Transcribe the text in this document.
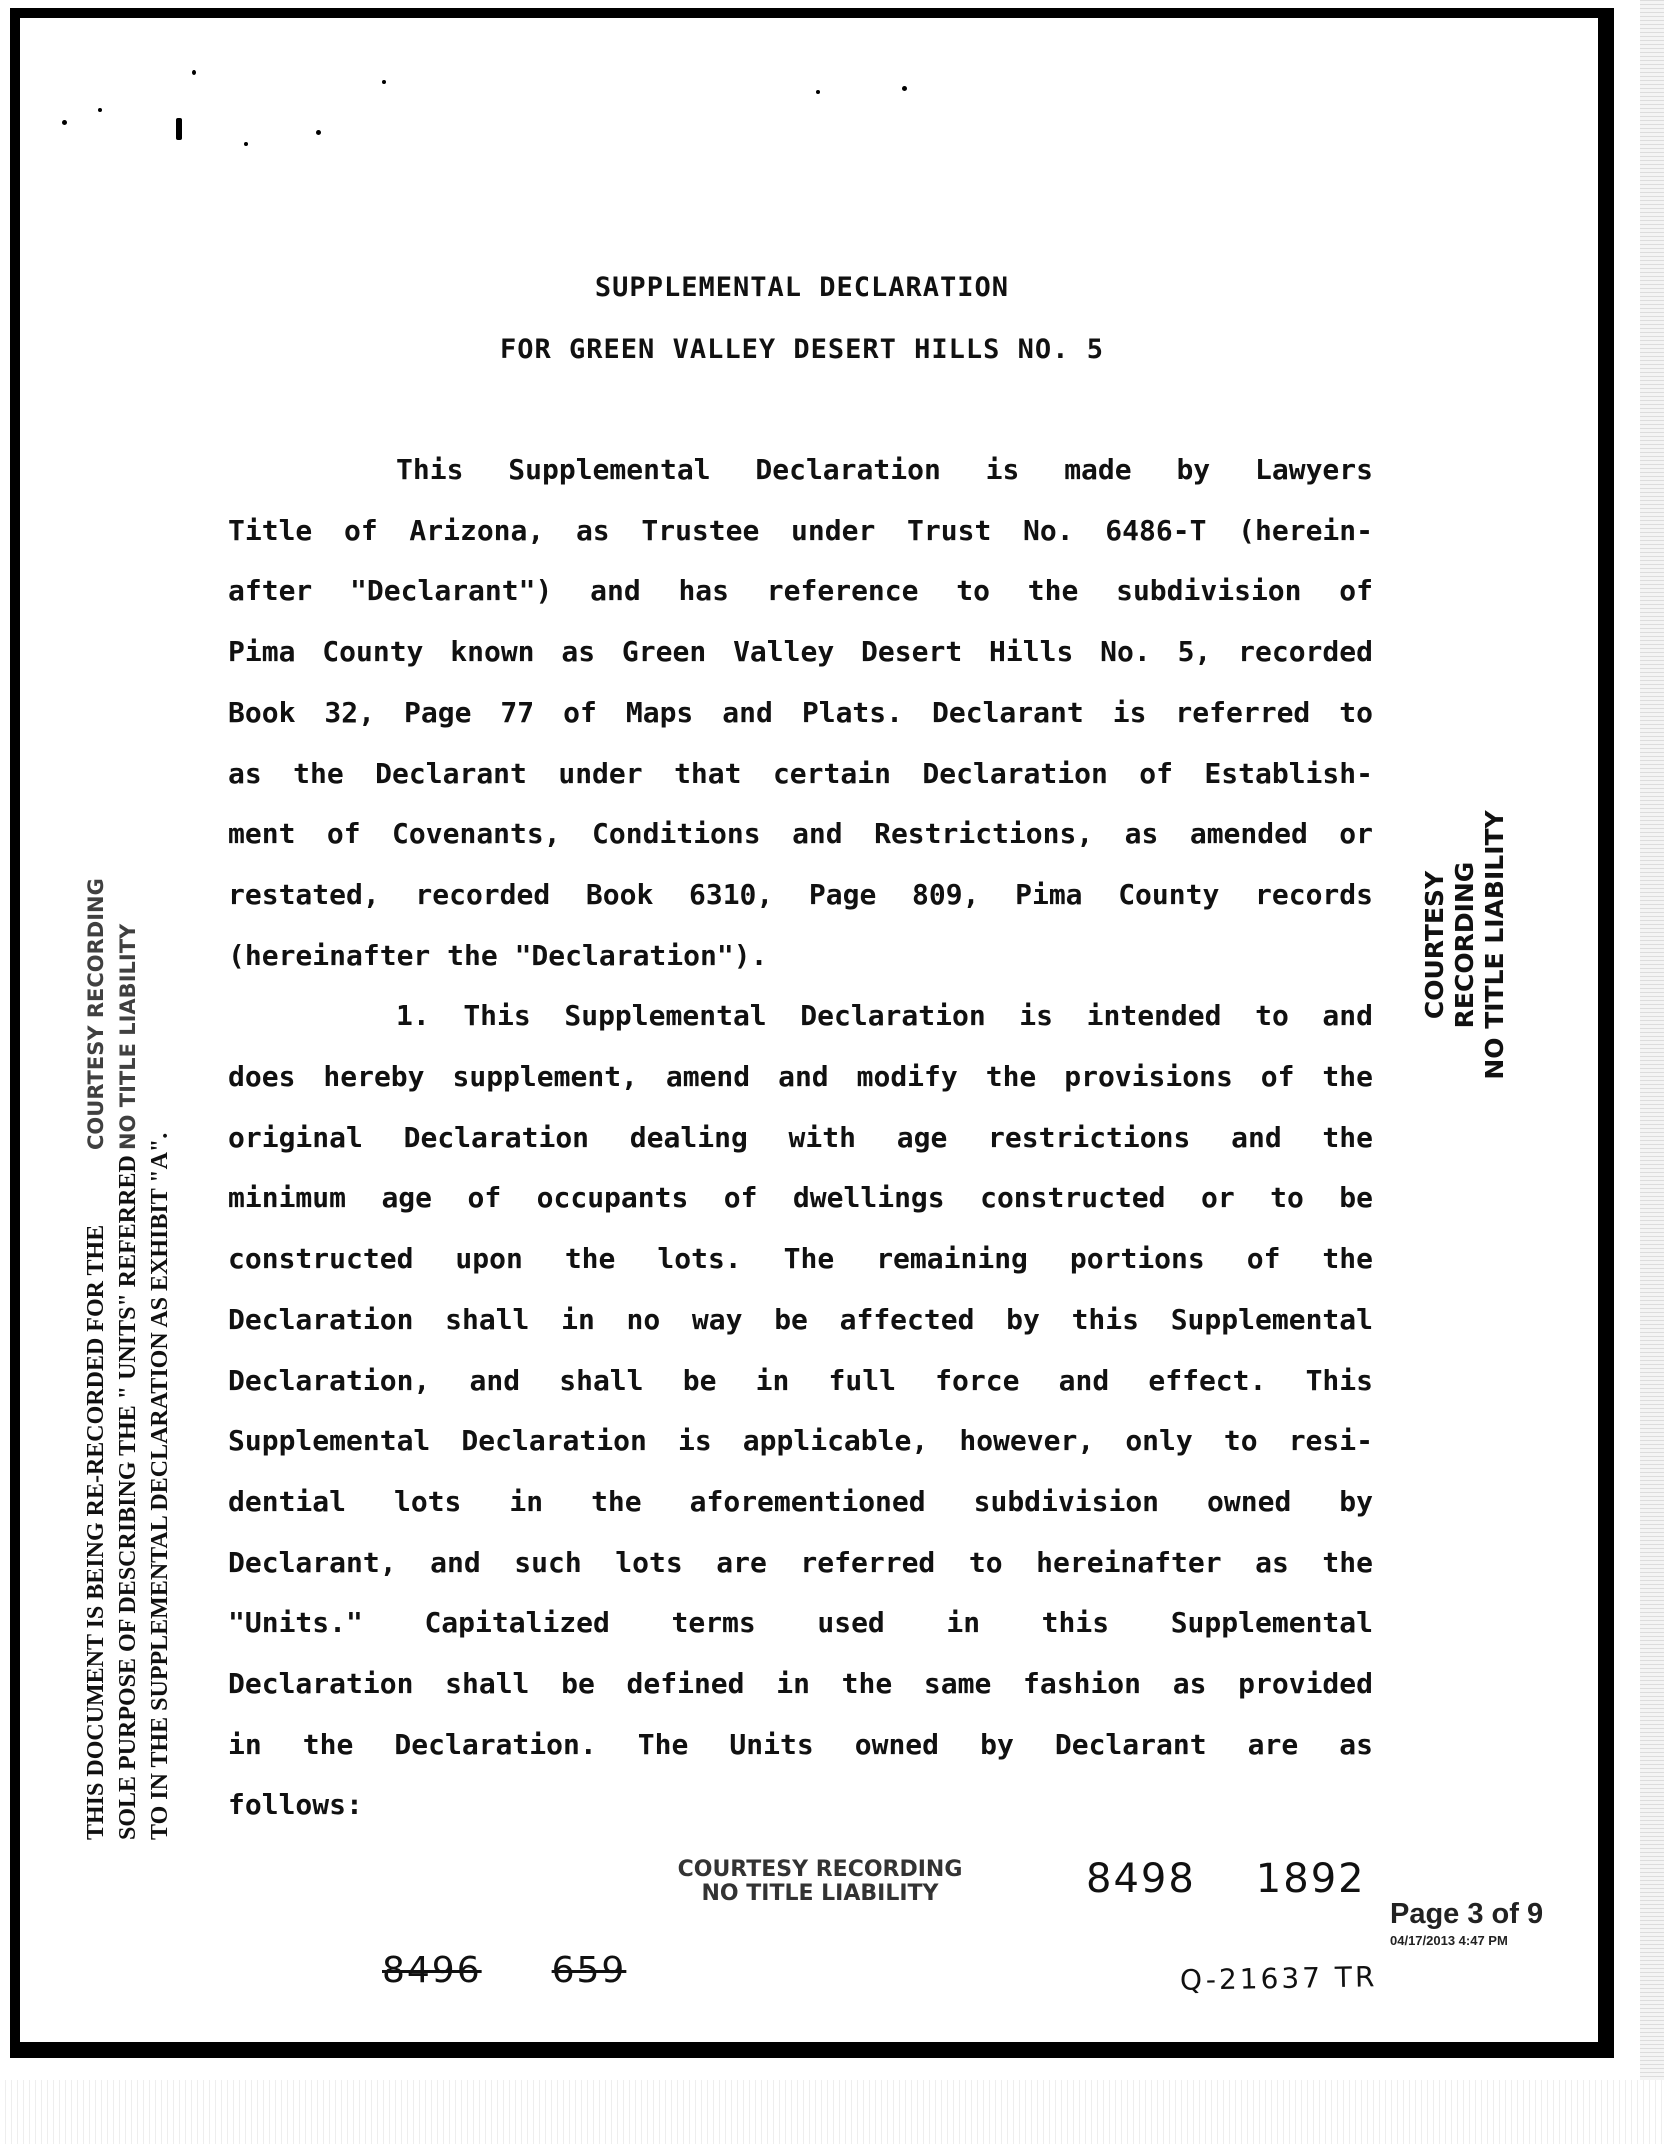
SUPPLEMENTAL DECLARATION
FOR GREEN VALLEY DESERT HILLS NO. 5

This Supplemental Declaration is made by Lawyers

Title of Arizona, as Trustee under Trust No. 6486-T (herein-

after "Declarant") and has reference to the subdivision of

Pima County known as Green Valley Desert Hills No. 5, recorded

Book 32, Page 77 of Maps and Plats. Declarant is referred to

as the Declarant under that certain Declaration of Establish-

ment of Covenants, Conditions and Restrictions, as amended or

restated, recorded Book 6310, Page 809, Pima County records

(hereinafter the "Declaration").

1. This Supplemental Declaration is intended to and

does hereby supplement, amend and modify the provisions of the

original Declaration dealing with age restrictions and the

minimum age of occupants of dwellings constructed or to be

constructed upon the lots. The remaining portions of the

Declaration shall in no way be affected by this Supplemental

Declaration, and shall be in full force and effect. This

Supplemental Declaration is applicable, however, only to resi-

dential lots in the aforementioned subdivision owned by

Declarant, and such lots are referred to hereinafter as the

"Units." Capitalized terms used in this Supplemental

Declaration shall be defined in the same fashion as provided

in the Declaration. The Units owned by Declarant are as

follows:

COURTESY RECORDING NO TITLE LIABILITY
THIS DOCUMENT IS BEING RE-RECORDED FOR THE SOLE PURPOSE OF DESCRIBING THE " UNITS" REFERRED TO IN THE SUPPLEMENTAL DECLARATION AS EXHIBIT "A".
COURTESY RECORDING NO TITLE LIABILITY
COURTESY RECORDING
NO TITLE LIABILITY	8498 1892
8496 659
Page 3 of 9
04/17/2013 4:47 PM
Q-21637 TR
